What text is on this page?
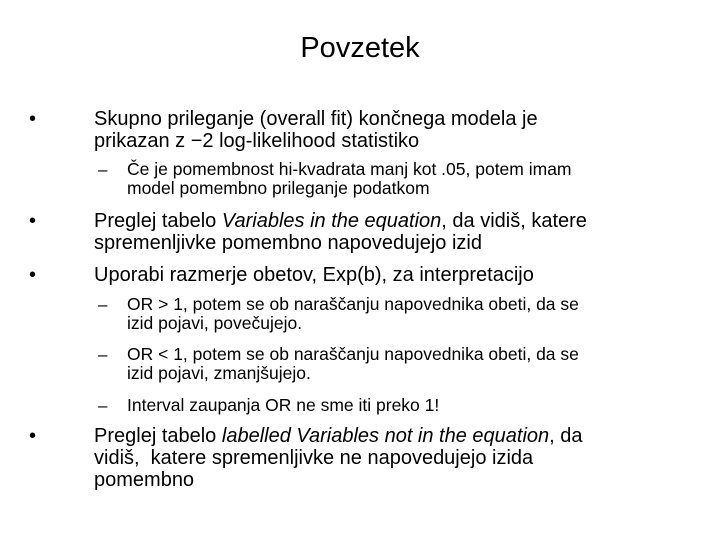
Povzetek
•	Skupno prileganje (overall fit) končnega modela je
prikazan z −2 log-likelihood statistiko
– Če je pomembnost hi-kvadrata manj kot .05, potem imam
model pomembno prileganje podatkom
•	Preglej tabelo Variables in the equation, da vidiš, katere
spremenljivke pomembno napovedujejo izid
•	Uporabi razmerje obetov, Exp(b), za interpretacijo
– OR > 1, potem se ob naraščanju napovednika obeti, da se
izid pojavi, povečujejo.
– OR < 1, potem se ob naraščanju napovednika obeti, da se
izid pojavi, zmanjšujejo.
– Interval zaupanja OR ne sme iti preko 1!
•	Preglej tabelo labelled Variables not in the equation, da
vidiš,  katere spremenljivke ne napovedujejo izida
pomembno
